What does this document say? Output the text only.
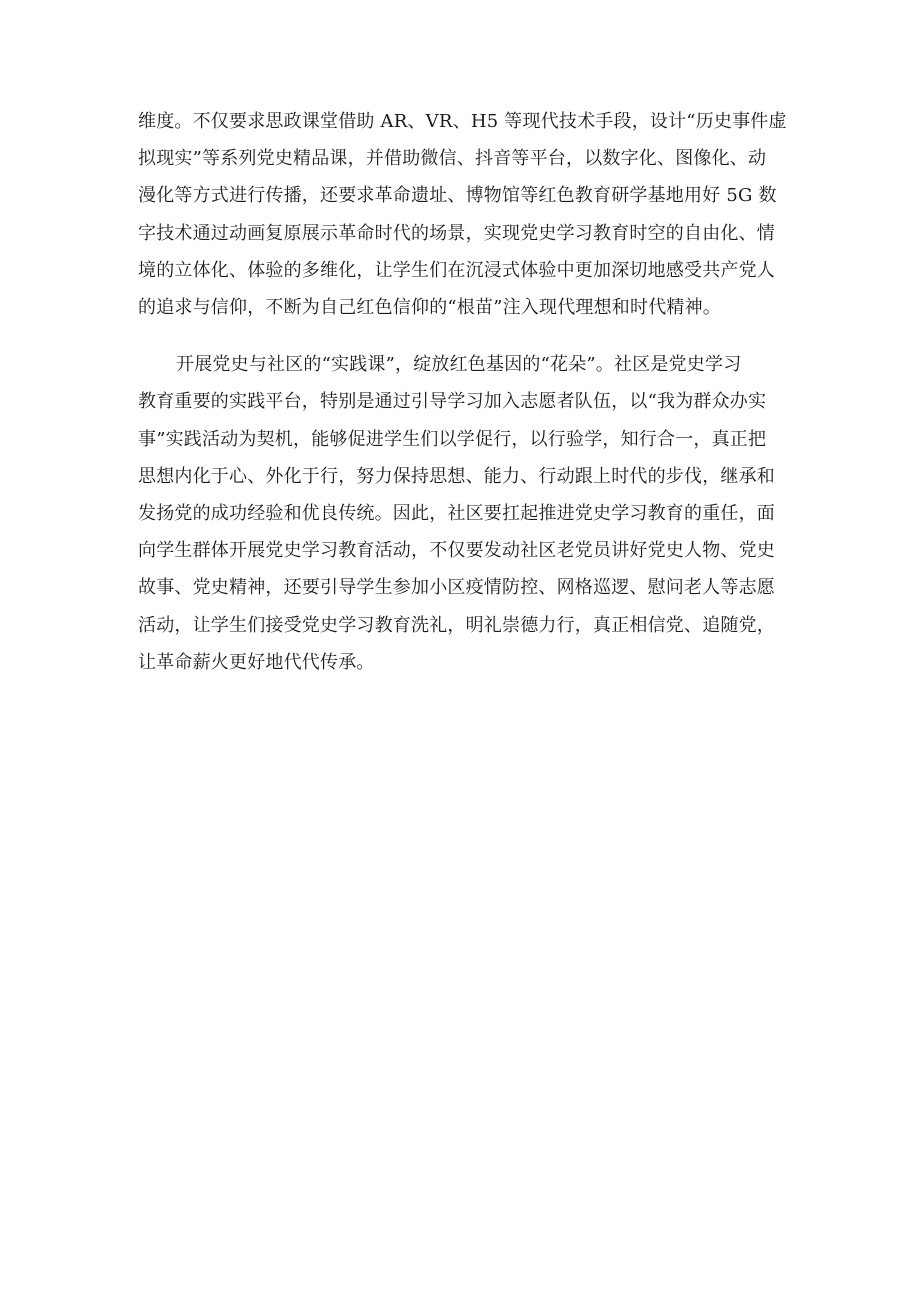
维度。不仅要求思政课堂借助 AR、VR、H5 等现代技术手段，设计“历史事件虚
拟现实”等系列党史精品课，并借助微信、抖音等平台，以数字化、图像化、动
漫化等方式进行传播，还要求革命遗址、博物馆等红色教育研学基地用好 5G 数
字技术通过动画复原展示革命时代的场景，实现党史学习教育时空的自由化、情
境的立体化、体验的多维化，让学生们在沉浸式体验中更加深切地感受共产党人
的追求与信仰，不断为自己红色信仰的“根苗”注入现代理想和时代精神。

开展党史与社区的“实践课”，绽放红色基因的“花朵”。社区是党史学习
教育重要的实践平台，特别是通过引导学习加入志愿者队伍，以“我为群众办实
事”实践活动为契机，能够促进学生们以学促行，以行验学，知行合一，真正把
思想内化于心、外化于行，努力保持思想、能力、行动跟上时代的步伐，继承和
发扬党的成功经验和优良传统。因此，社区要扛起推进党史学习教育的重任，面
向学生群体开展党史学习教育活动，不仅要发动社区老党员讲好党史人物、党史
故事、党史精神，还要引导学生参加小区疫情防控、网格巡逻、慰问老人等志愿
活动，让学生们接受党史学习教育洗礼，明礼崇德力行，真正相信党、追随党，
让革命薪火更好地代代传承。
